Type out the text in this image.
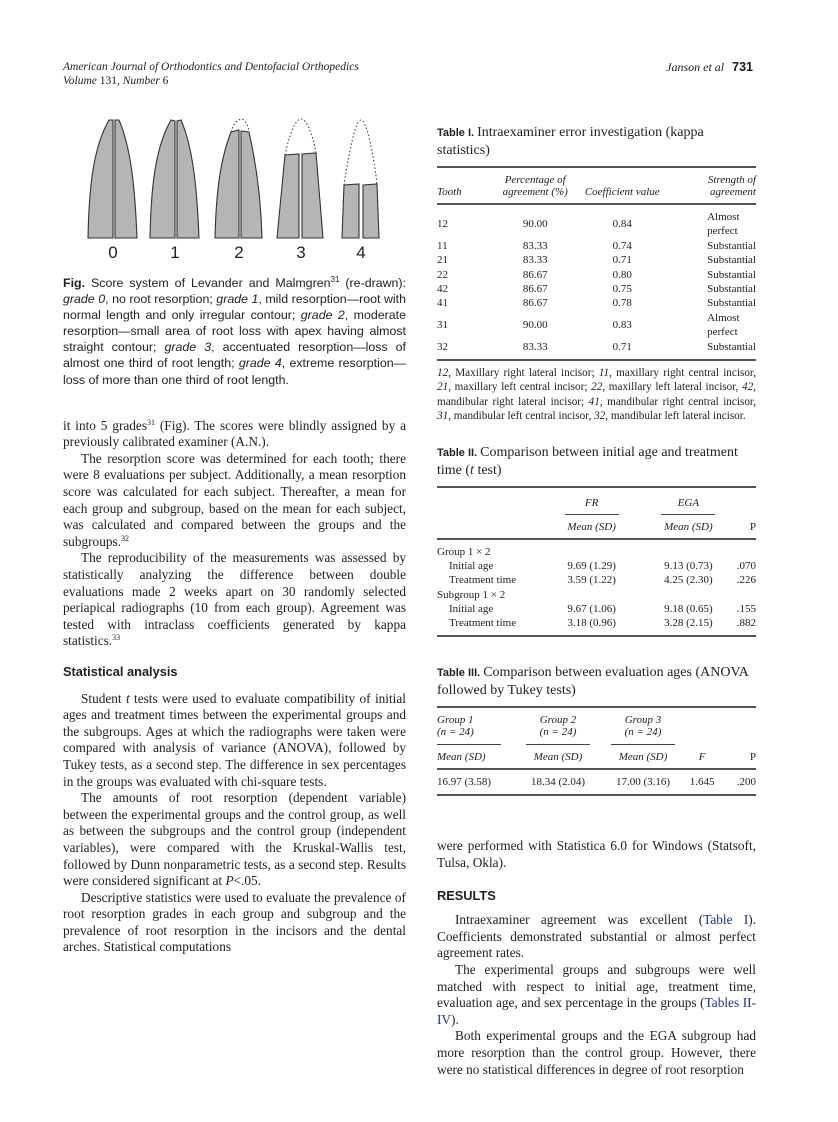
American Journal of Orthodontics and Dentofacial Orthopedics
Volume 131, Number 6
Janson et al 731
0	1	2	3	4
Fig. Score system of Levander and Malmgren$^{31}$ (re-drawn): grade 0, no root resorption; grade 1, mild resorption—root with normal length and only irregular contour; grade 2, moderate resorption—small area of root loss with apex having almost straight contour; grade 3, accentuated resorption—loss of almost one third of root length; grade 4, extreme resorption—loss of more than one third of root length.

it into 5 grades$^{31}$ (Fig). The scores were blindly assigned by a previously calibrated examiner (A.N.).

The resorption score was determined for each tooth; there were 8 evaluations per subject. Additionally, a mean resorption score was calculated for each subject. Thereafter, a mean for each group and subgroup, based on the mean for each subject, was calculated and compared between the groups and the subgroups.$^{32}$

The reproducibility of the measurements was assessed by statistically analyzing the difference between double evaluations made 2 weeks apart on 30 randomly selected periapical radiographs (10 from each group). Agreement was tested with intraclass coefficients generated by kappa statistics.$^{33}$

Statistical analysis

Student t tests were used to evaluate compatibility of initial ages and treatment times between the experimental groups and the subgroups. Ages at which the radiographs were taken were compared with analysis of variance (ANOVA), followed by Tukey tests, as a second step. The difference in sex percentages in the groups was evaluated with chi-square tests.

The amounts of root resorption (dependent variable) between the experimental groups and the control group, as well as between the subgroups and the control group (independent variables), were compared with the Kruskal-Wallis test, followed by Dunn nonparametric tests, as a second step. Results were considered significant at P<.05.

Descriptive statistics were used to evaluate the prevalence of root resorption grades in each group and subgroup and the prevalence of root resorption in the incisors and the dental arches. Statistical computations

Table I. Intraexaminer error investigation (kappa statistics)
Tooth	Percentage of agreement (%)	Coefficient value	Strength of agreement
12	90.00	0.84	Almost perfect
11	83.33	0.74	Substantial
21	83.33	0.71	Substantial
22	86.67	0.80	Substantial
42	86.67	0.75	Substantial
41	86.67	0.78	Substantial
31	90.00	0.83	Almost perfect
32	83.33	0.71	Substantial
12, Maxillary right lateral incisor; 11, maxillary right central incisor, 21, maxillary left central incisor; 22, maxillary left lateral incisor, 42, mandibular right lateral incisor; 41, mandibular right central incisor, 31, mandibular left central incisor, 32, mandibular left lateral incisor.
Table II. Comparison between initial age and treatment time (t test)
	FR	EGA	
	Mean (SD)	Mean (SD)	P
Group 1 × 2			
Initial age	9.69 (1.29)	9.13 (0.73)	.070
Treatment time	3.59 (1.22)	4.25 (2.30)	.226
Subgroup 1 × 2			
Initial age	9.67 (1.06)	9.18 (0.65)	.155
Treatment time	3.18 (0.96)	3.28 (2.15)	.882
Table III. Comparison between evaluation ages (ANOVA followed by Tukey tests)
Group 1
(n = 24)	Group 2
(n = 24)	Group 3
(n = 24)		
Mean (SD)	Mean (SD)	Mean (SD)	F	P
16.97 (3.58)	18.34 (2.04)	17.00 (3.16)	1.645	.200

were performed with Statistica 6.0 for Windows (Statsoft, Tulsa, Okla).

RESULTS

Intraexaminer agreement was excellent (Table I). Coefficients demonstrated substantial or almost perfect agreement rates.

The experimental groups and subgroups were well matched with respect to initial age, treatment time, evaluation age, and sex percentage in the groups (Tables II-IV).

Both experimental groups and the EGA subgroup had more resorption than the control group. However, there were no statistical differences in degree of root resorption
